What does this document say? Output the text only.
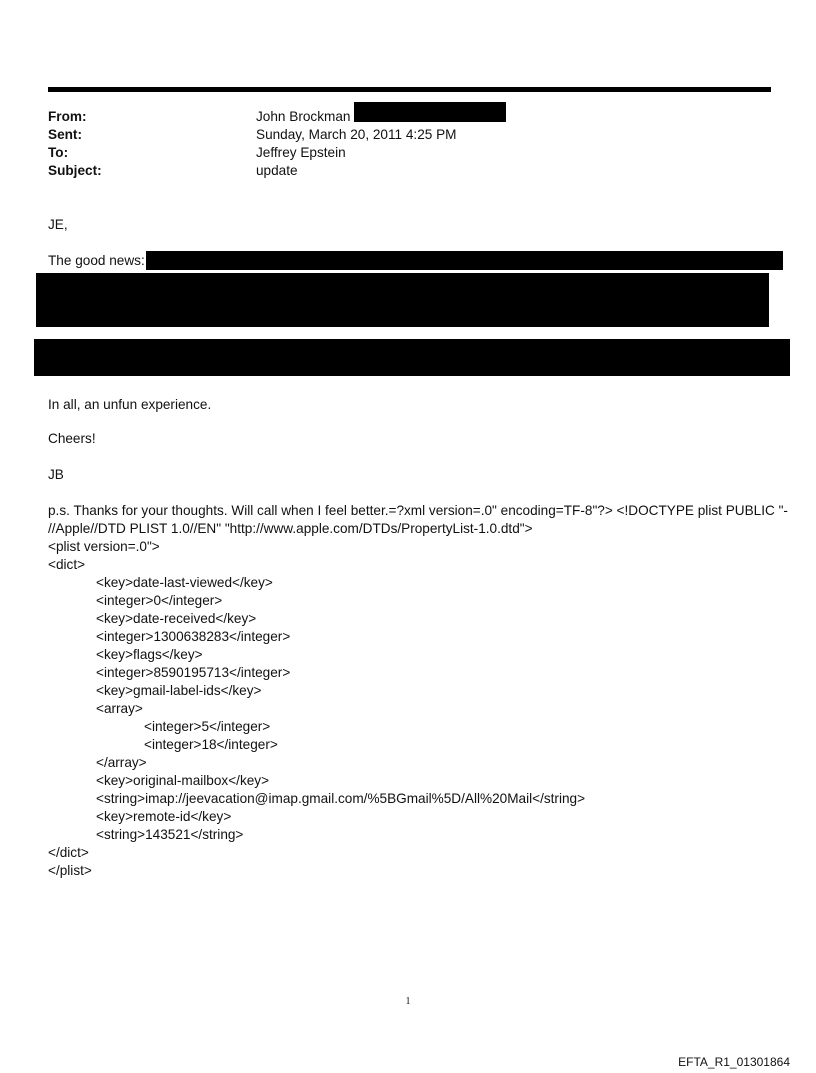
From:	John Brockman
Sent:	Sunday, March 20, 2011 4:25 PM
To:	Jeffrey Epstein
Subject:	update
JE,
The good news:
In all, an unfun experience.
Cheers!
JB
p.s. Thanks for your thoughts. Will call when I feel better.=?xml version=.0" encoding=TF-8"?> <!DOCTYPE plist PUBLIC "-
//Apple//DTD PLIST 1.0//EN" "http://www.apple.com/DTDs/PropertyList-1.0.dtd">
<plist version=.0">
<dict>
<key>date-last-viewed</key>
<integer>0</integer>
<key>date-received</key>
<integer>1300638283</integer>
<key>flags</key>
<integer>8590195713</integer>
<key>gmail-label-ids</key>
<array>
<integer>5</integer>
<integer>18</integer>
</array>
<key>original-mailbox</key>
<string>imap://jeevacation@imap.gmail.com/%5BGmail%5D/All%20Mail</string>
<key>remote-id</key>
<string>143521</string>
</dict>
</plist>
1
EFTA_R1_01301864
